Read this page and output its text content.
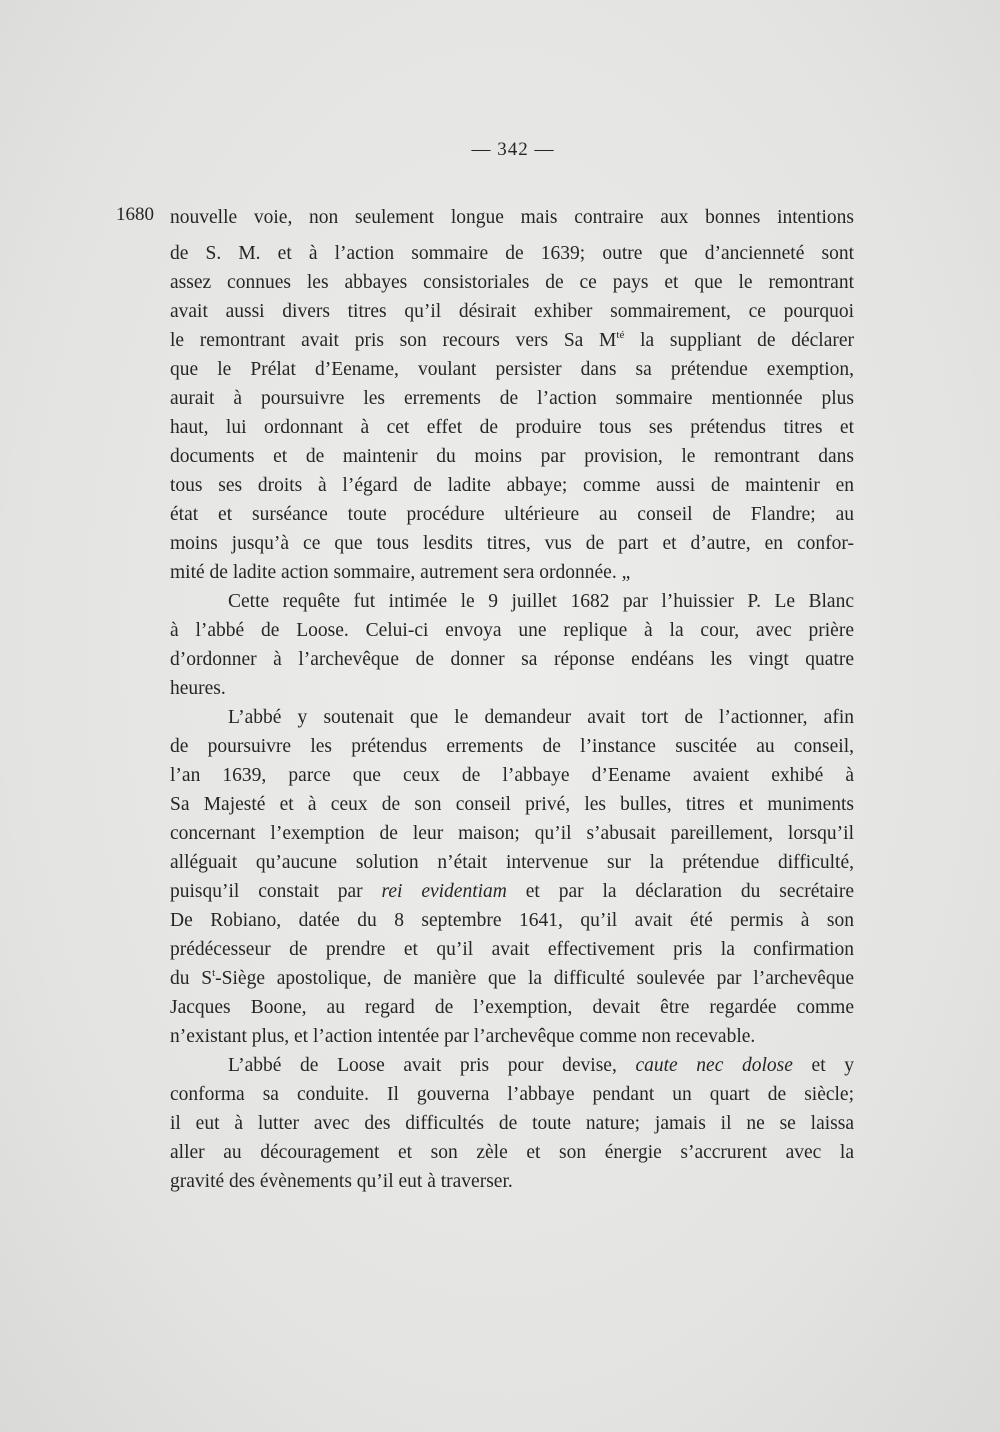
— 342 —
1680 nouvelle voie, non seulement longue mais contraire aux bonnes intentions
de S. M. et à l’action sommaire de 1639; outre que d’ancienneté sont
assez connues les abbayes consistoriales de ce pays et que le remontrant
avait aussi divers titres qu’il désirait exhiber sommairement, ce pourquoi
le remontrant avait pris son recours vers Sa $M^{té}$ la suppliant de déclarer
que le Prélat d’Eename, voulant persister dans sa prétendue exemption,
aurait à poursuivre les errements de l’action sommaire mentionnée plus
haut, lui ordonnant à cet effet de produire tous ses prétendus titres et
documents et de maintenir du moins par provision, le remontrant dans
tous ses droits à l’égard de ladite abbaye; comme aussi de maintenir en
état et surséance toute procédure ultérieure au conseil de Flandre; au
moins jusqu’à ce que tous lesdits titres, vus de part et d’autre, en confor-
mité de ladite action sommaire, autrement sera ordonnée. „
Cette requête fut intimée le 9 juillet 1682 par l’huissier P. Le Blanc
à l’abbé de Loose. Celui-ci envoya une replique à la cour, avec prière
d’ordonner à l’archevêque de donner sa réponse endéans les vingt quatre
heures.
L’abbé y soutenait que le demandeur avait tort de l’actionner, afin
de poursuivre les prétendus errements de l’instance suscitée au conseil,
l’an 1639, parce que ceux de l’abbaye d’Eename avaient exhibé à
Sa Majesté et à ceux de son conseil privé, les bulles, titres et muniments
concernant l’exemption de leur maison; qu’il s’abusait pareillement, lorsqu’il
alléguait qu’aucune solution n’était intervenue sur la prétendue difficulté,
puisqu’il constait par rei evidentiam et par la déclaration du secrétaire
De Robiano, datée du 8 septembre 1641, qu’il avait été permis à son
prédécesseur de prendre et qu’il avait effectivement pris la confirmation
du $S^t$-Siège apostolique, de manière que la difficulté soulevée par l’archevêque
Jacques Boone, au regard de l’exemption, devait être regardée comme
n’existant plus, et l’action intentée par l’archevêque comme non recevable.
L’abbé de Loose avait pris pour devise, caute nec dolose et y
conforma sa conduite. Il gouverna l’abbaye pendant un quart de siècle;
il eut à lutter avec des difficultés de toute nature; jamais il ne se laissa
aller au découragement et son zèle et son énergie s’accrurent avec la
gravité des évènements qu’il eut à traverser.
